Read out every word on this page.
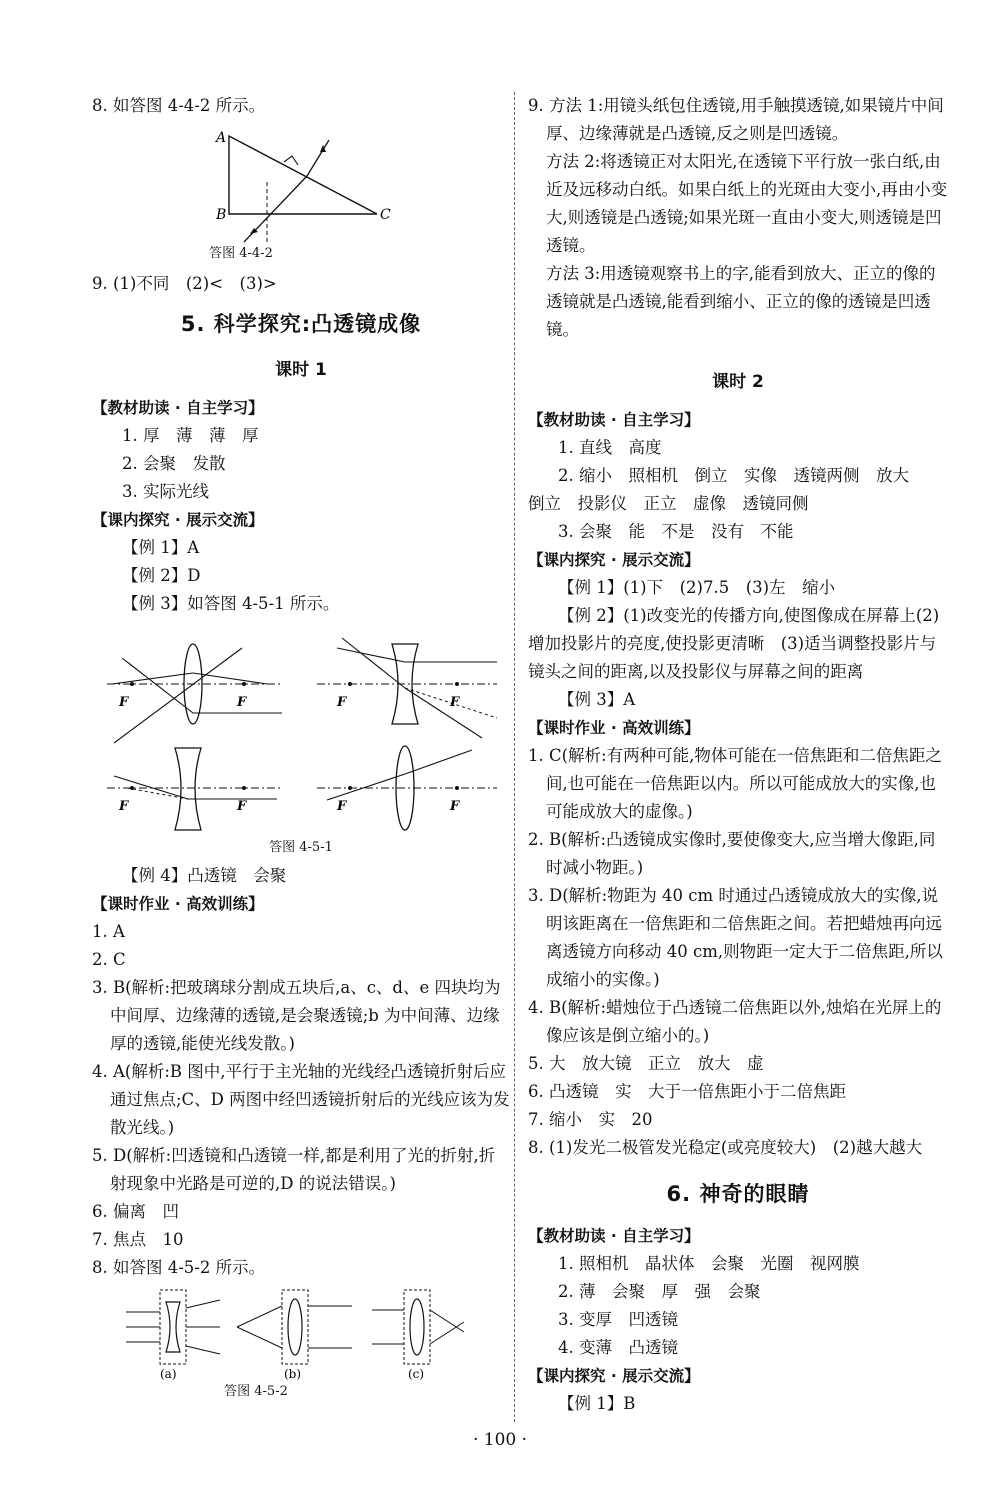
8. 如答图 4-4-2 所示。
A
B	C
答图 4-4-2
9. (1)不同　(2)<　(3)>
5. 科学探究:凸透镜成像
课时 1
【教材助读 · 自主学习】
1. 厚　薄　薄　厚
2. 会聚　发散
3. 实际光线
【课内探究 · 展示交流】
【例 1】A
【例 2】D
【例 3】如答图 4-5-1 所示。
F	F	F	F
F	F	F	F
答图 4-5-1
【例 4】凸透镜　会聚
【课时作业 · 高效训练】
1. A
2. C
3. B(解析:把玻璃球分割成五块后,a、c、d、e 四块均为中间厚、边缘薄的透镜,是会聚透镜;b 为中间薄、边缘厚的透镜,能使光线发散。)
4. A(解析:B 图中,平行于主光轴的光线经凸透镜折射后应通过焦点;C、D 两图中经凹透镜折射后的光线应该为发散光线。)
5. D(解析:凹透镜和凸透镜一样,都是利用了光的折射,折射现象中光路是可逆的,D 的说法错误。)
6. 偏离　凹
7. 焦点　10
8. 如答图 4-5-2 所示。
(a)	(b)	(c)
答图 4-5-2
9. 方法 1:用镜头纸包住透镜,用手触摸透镜,如果镜片中间厚、边缘薄就是凸透镜,反之则是凹透镜。
方法 2:将透镜正对太阳光,在透镜下平行放一张白纸,由近及远移动白纸。如果白纸上的光斑由大变小,再由小变大,则透镜是凸透镜;如果光斑一直由小变大,则透镜是凹透镜。
方法 3:用透镜观察书上的字,能看到放大、正立的像的透镜就是凸透镜,能看到缩小、正立的像的透镜是凹透镜。
课时 2
【教材助读 · 自主学习】
1. 直线　高度
2. 缩小　照相机　倒立　实像　透镜两侧　放大
倒立　投影仪　正立　虚像　透镜同侧
3. 会聚　能　不是　没有　不能
【课内探究 · 展示交流】
【例 1】(1)下　(2)7.5　(3)左　缩小
【例 2】(1)改变光的传播方向,使图像成在屏幕上(2)增加投影片的亮度,使投影更清晰　(3)适当调整投影片与镜头之间的距离,以及投影仪与屏幕之间的距离
【例 3】A
【课时作业 · 高效训练】
1. C(解析:有两种可能,物体可能在一倍焦距和二倍焦距之间,也可能在一倍焦距以内。所以可能成放大的实像,也可能成放大的虚像。)
2. B(解析:凸透镜成实像时,要使像变大,应当增大像距,同时减小物距。)
3. D(解析:物距为 40 cm 时通过凸透镜成放大的实像,说明该距离在一倍焦距和二倍焦距之间。若把蜡烛再向远离透镜方向移动 40 cm,则物距一定大于二倍焦距,所以成缩小的实像。)
4. B(解析:蜡烛位于凸透镜二倍焦距以外,烛焰在光屏上的像应该是倒立缩小的。)
5. 大　放大镜　正立　放大　虚
6. 凸透镜　实　大于一倍焦距小于二倍焦距
7. 缩小　实　20
8. (1)发光二极管发光稳定(或亮度较大)　(2)越大越大
6. 神奇的眼睛
【教材助读 · 自主学习】
1. 照相机　晶状体　会聚　光圈　视网膜
2. 薄　会聚　厚　强　会聚
3. 变厚　凹透镜
4. 变薄　凸透镜
【课内探究 · 展示交流】
【例 1】B
· 100 ·
